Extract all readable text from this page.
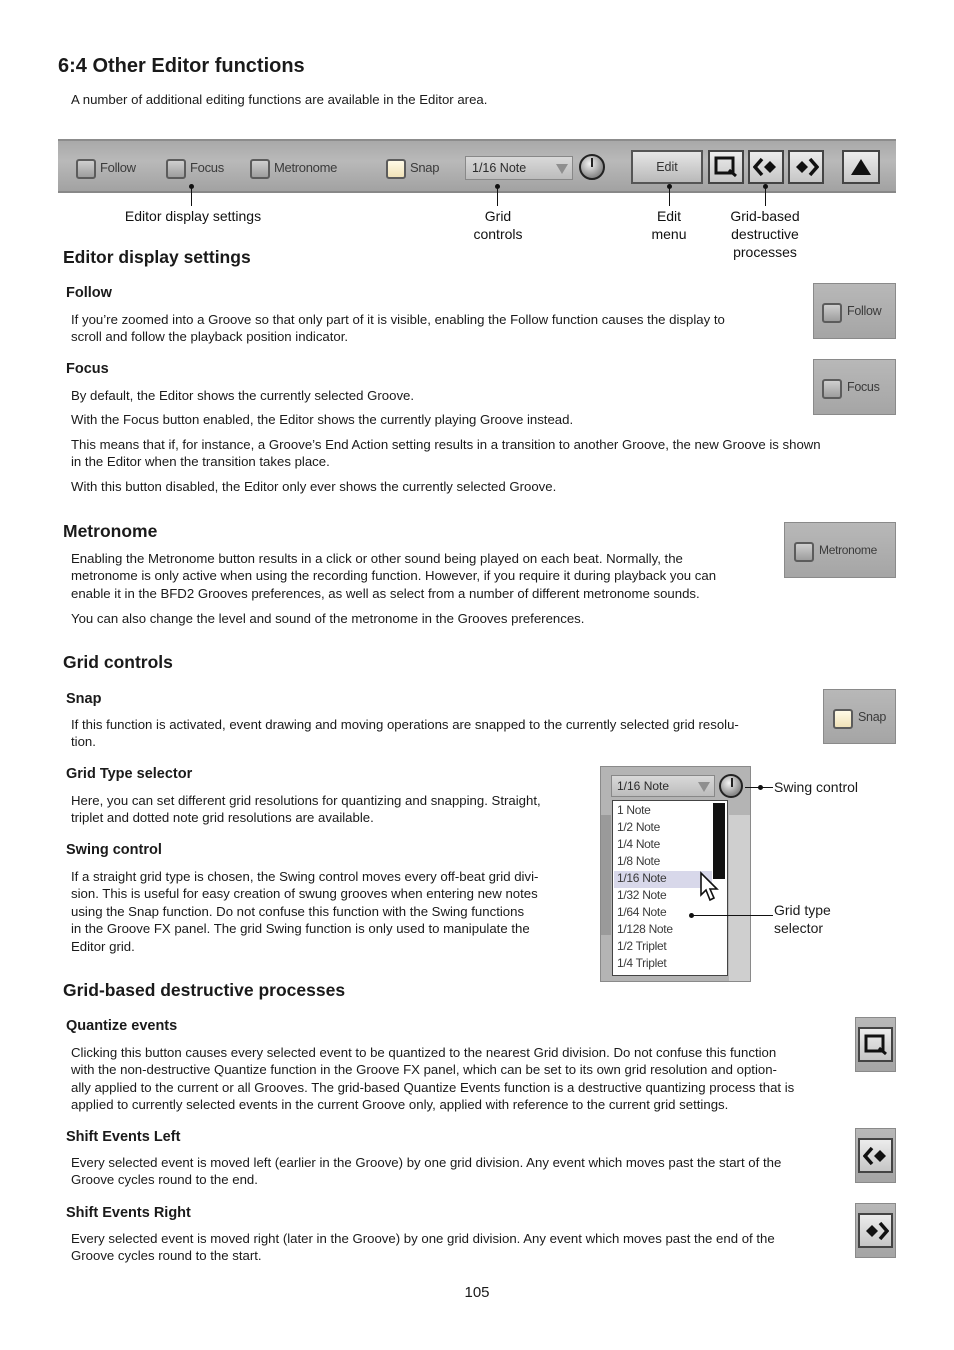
6:4 Other Editor functions
A number of additional editing functions are available in the Editor area.
Follow	Focus	Metronome	Snap	1/16 Note	Edit
Editor display settings	Grid
controls
Edit
menu
Grid-based
destructive
processes
Editor display settings
Follow
If you’re zoomed into a Groove so that only part of it is visible, enabling the Follow function causes the display to
scroll and follow the playback position indicator.
Follow
Focus
By default, the Editor shows the currently selected Groove.
With the Focus button enabled, the Editor shows the currently playing Groove instead.
This means that if, for instance, a Groove’s End Action setting results in a transition to another Groove, the new Groove is shown
in the Editor when the transition takes place.
With this button disabled, the Editor only ever shows the currently selected Groove.
Focus
Metronome
Enabling the Metronome button results in a click or other sound being played on each beat. Normally, the
metronome is only active when using the recording function. However, if you require it during playback you can
enable it in the BFD2 Grooves preferences, as well as select from a number of different metronome sounds.
You can also change the level and sound of the metronome in the Grooves preferences.
Metronome
Grid controls
Snap
If this function is activated, event drawing and moving operations are snapped to the currently selected grid resolu-
tion.
Snap
Grid Type selector
Here, you can set different grid resolutions for quantizing and snapping. Straight,
triplet and dotted note grid resolutions are available.
Swing control
If a straight grid type is chosen, the Swing control moves every off-beat grid divi-
sion. This is useful for easy creation of swung grooves when entering new notes
using the Snap function. Do not confuse this function with the Swing functions
in the Groove FX panel. The grid Swing function is only used to manipulate the
Editor grid.
1/16 Note
1 Note
1/2 Note
1/4 Note
1/8 Note
1/16 Note
1/32 Note
1/64 Note
1/128 Note
1/2 Triplet
1/4 Triplet
Swing control
Grid type
selector
Grid-based destructive processes
Quantize events
Clicking this button causes every selected event to be quantized to the nearest Grid division. Do not confuse this function
with the non-destructive Quantize function in the Groove FX panel, which can be set to its own grid resolution and option-
ally applied to the current or all Grooves. The grid-based Quantize Events function is a destructive quantizing process that is
applied to currently selected events in the current Groove only, applied with reference to the current grid settings.
Shift Events Left
Every selected event is moved left (earlier in the Groove) by one grid division. Any event which moves past the start of the
Groove cycles round to the end.
Shift Events Right
Every selected event is moved right (later in the Groove) by one grid division. Any event which moves past the end of the
Groove cycles round to the start.
105
